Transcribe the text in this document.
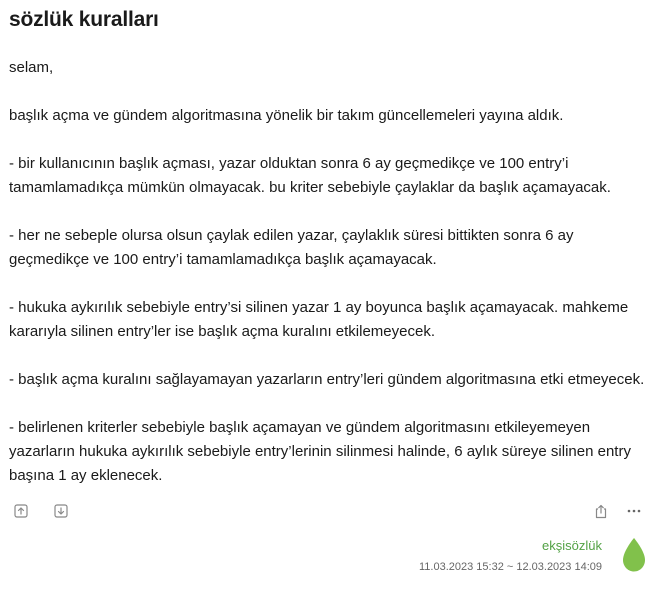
sözlük kuralları

selam,

başlık açma ve gündem algoritmasına yönelik bir takım güncellemeleri yayına aldık.

- bir kullanıcının başlık açması, yazar olduktan sonra 6 ay geçmedikçe ve 100 entry’i tamamlamadıkça mümkün olmayacak. bu kriter sebebiyle çaylaklar da başlık açamayacak.

- her ne sebeple olursa olsun çaylak edilen yazar, çaylaklık süresi bittikten sonra 6 ay geçmedikçe ve 100 entry’i tamamlamadıkça başlık açamayacak.

- hukuka aykırılık sebebiyle entry’si silinen yazar 1 ay boyunca başlık açamayacak. mahkeme kararıyla silinen entry’ler ise başlık açma kuralını etkilemeyecek.

- başlık açma kuralını sağlayamayan yazarların entry’leri gündem algoritmasına etki etmeyecek.

- belirlenen kriterler sebebiyle başlık açamayan ve gündem algoritmasını etkileyemeyen yazarların hukuka aykırılık sebebiyle entry’lerinin silinmesi halinde, 6 aylık süreye silinen entry başına 1 ay eklenecek.

ekşisözlük
11.03.2023 15:32 ~ 12.03.2023 14:09
